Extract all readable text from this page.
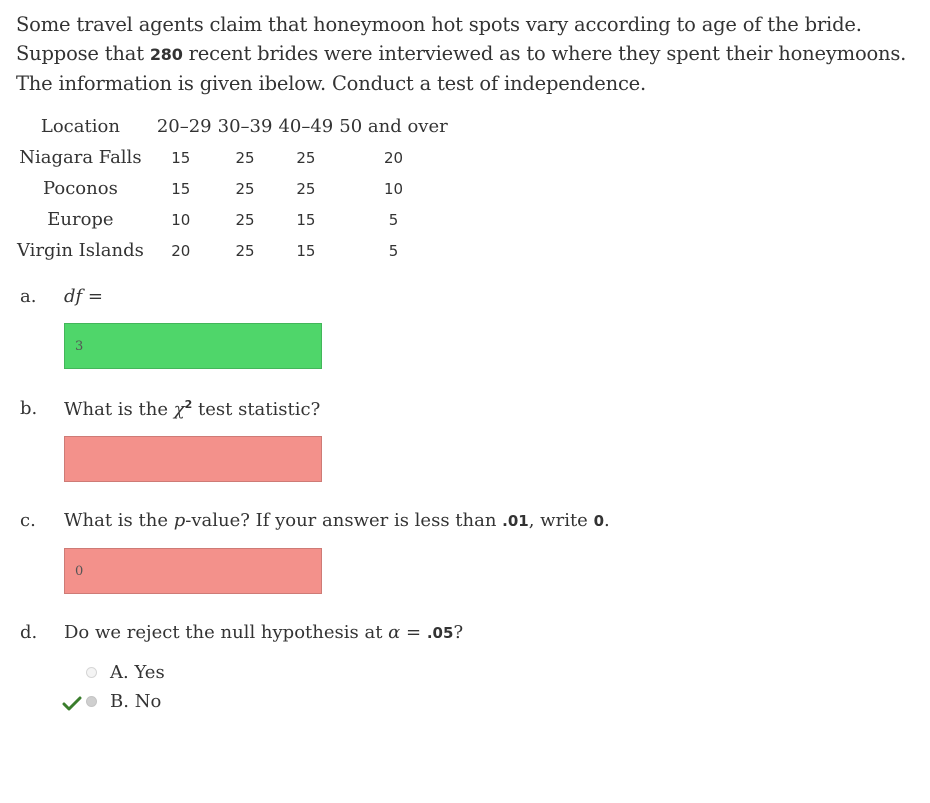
Some travel agents claim that honeymoon hot spots vary according to age of the bride. Suppose that 280 recent brides were interviewed as to where they spent their honeymoons. The information is given ibelow. Conduct a test of independence.
Location	20–29	30–39	40–49	50 and over
Niagara Falls	15	25	25	20
Poconos	15	25	25	10
Europe	10	25	15	5
Virgin Islands	20	25	15	5
a. df =
3
b. What is the $\chi^2$ test statistic?
c. What is the p-value? If your answer is less than .01, write 0.
0
d. Do we reject the null hypothesis at α = .05?
A.
Yes
B.
No
